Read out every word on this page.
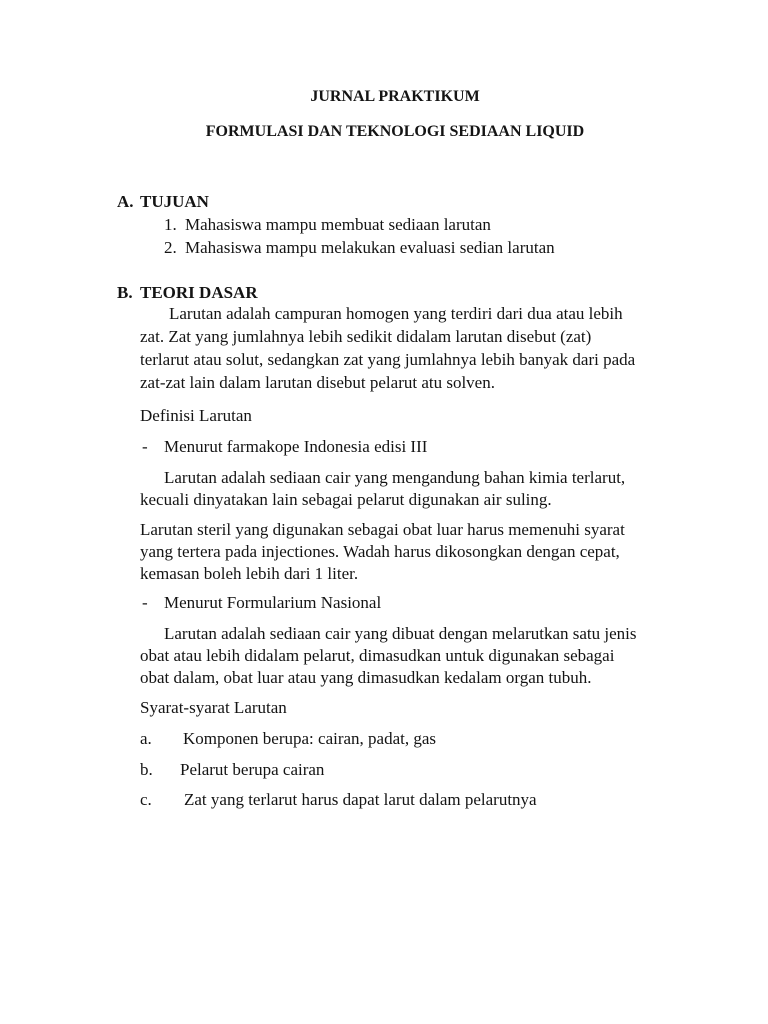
JURNAL PRAKTIKUM
FORMULASI DAN TEKNOLOGI SEDIAAN LIQUID
A. TUJUAN
1. Mahasiswa mampu membuat sediaan larutan
2. Mahasiswa mampu melakukan evaluasi sedian larutan
B. TEORI DASAR
Larutan adalah campuran homogen yang terdiri dari dua atau lebih
zat. Zat yang jumlahnya lebih sedikit didalam larutan disebut (zat)
terlarut atau solut, sedangkan zat yang jumlahnya lebih banyak dari pada
zat-zat lain dalam larutan disebut pelarut atu solven.
Definisi Larutan
- Menurut farmakope Indonesia edisi III
Larutan adalah sediaan cair yang mengandung bahan kimia terlarut,
kecuali dinyatakan lain sebagai pelarut digunakan air suling.
Larutan steril yang digunakan sebagai obat luar harus memenuhi syarat
yang tertera pada injectiones. Wadah harus dikosongkan dengan cepat,
kemasan boleh lebih dari 1 liter.
- Menurut Formularium Nasional
Larutan adalah sediaan cair yang dibuat dengan melarutkan satu jenis
obat atau lebih didalam pelarut, dimasudkan untuk digunakan sebagai
obat dalam, obat luar atau yang dimasudkan kedalam organ tubuh.
Syarat-syarat Larutan
a. Komponen berupa: cairan, padat, gas
b. Pelarut berupa cairan
c. Zat yang terlarut harus dapat larut dalam pelarutnya
